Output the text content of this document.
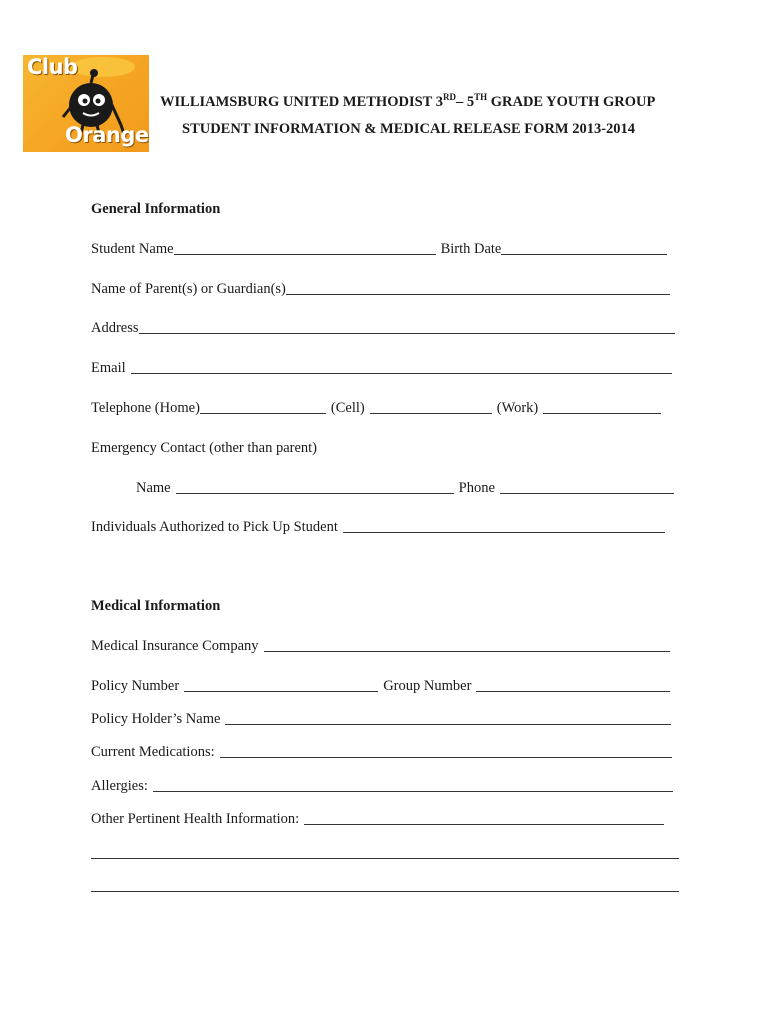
Club
Orange
WILLIAMSBURG UNITED METHODIST 3RD– 5TH GRADE YOUTH GROUP
STUDENT INFORMATION & MEDICAL RELEASE FORM 2013-2014
General Information
Student Name	Birth Date
Name of Parent(s) or Guardian(s)
Address
Email
Telephone (Home)	(Cell)	(Work)
Emergency Contact (other than parent)
Name	Phone
Individuals Authorized to Pick Up Student
Medical Information
Medical Insurance Company
Policy Number	Group Number
Policy Holder’s Name
Current Medications:
Allergies:
Other Pertinent Health Information:
